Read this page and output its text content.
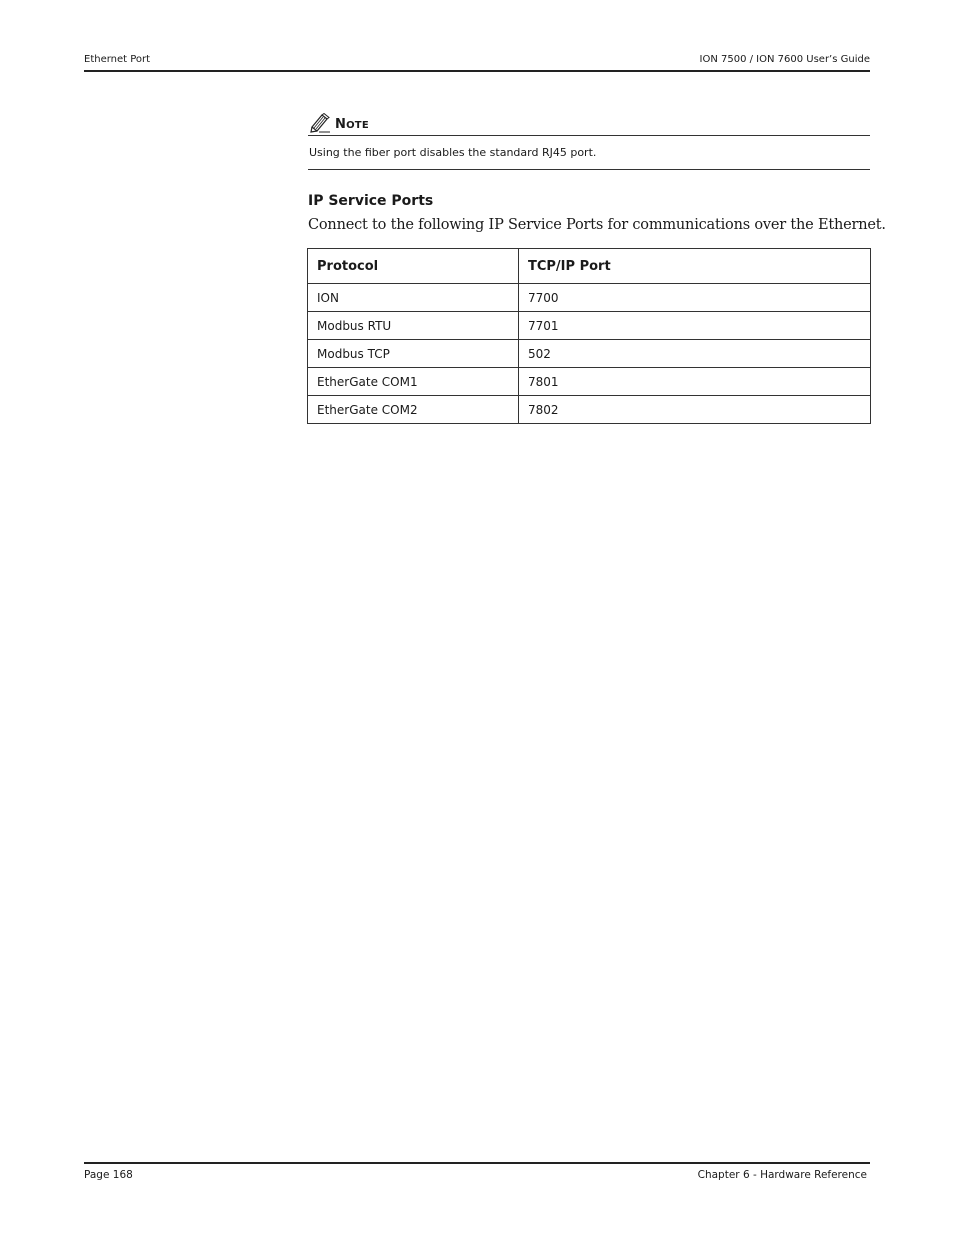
Ethernet Port	ION 7500 / ION 7600 User’s Guide
NOTE
Using the fiber port disables the standard RJ45 port.
IP Service Ports
Connect to the following IP Service Ports for communications over the Ethernet.
Protocol	TCP/IP Port
ION	7700
Modbus RTU	7701
Modbus TCP	502
EtherGate COM1	7801
EtherGate COM2	7802
Page 168	Chapter 6 - Hardware Reference
